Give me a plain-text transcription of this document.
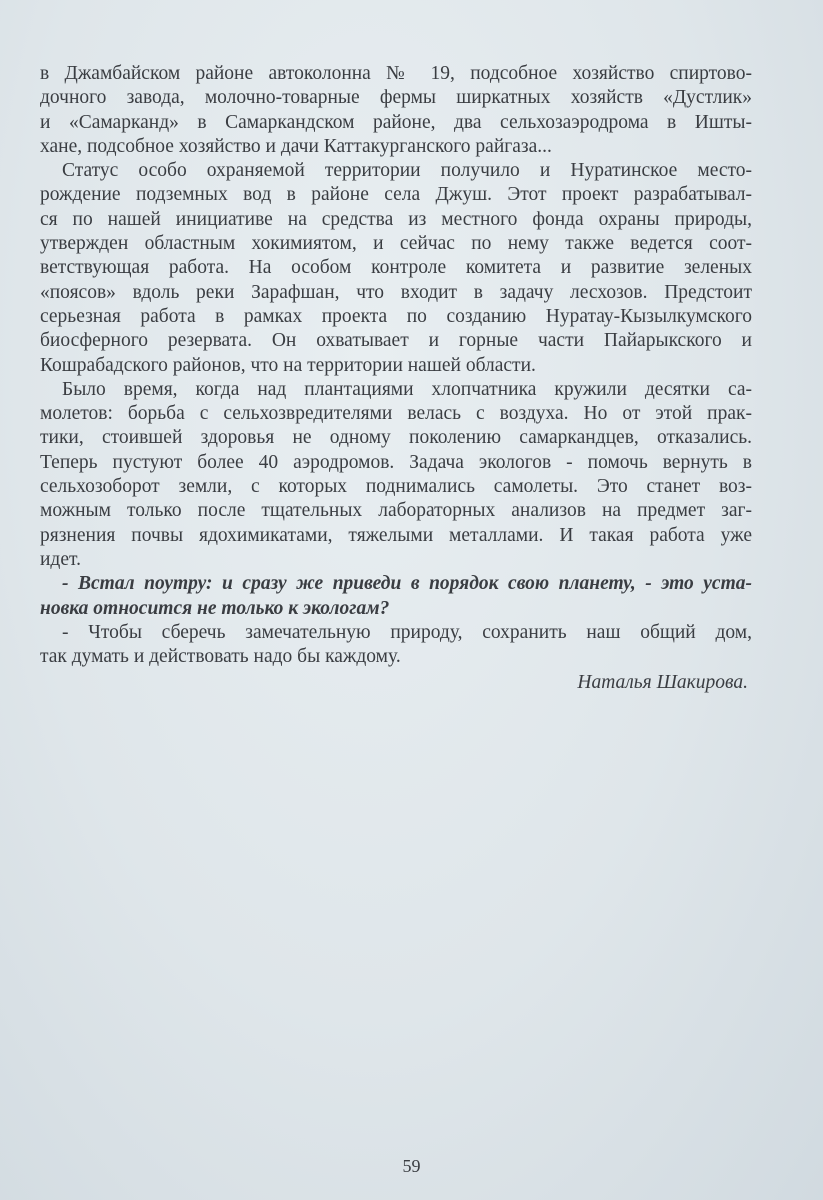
в Джамбайском районе автоколонна № 19, подсобное хозяйство спиртово-
дочного завода, молочно-товарные фермы ширкатных хозяйств «Дустлик»
и «Самарканд» в Самаркандском районе, два сельхозаэродрома в Ишты-
хане, подсобное хозяйство и дачи Каттакурганского райгаза...

Статус особо охраняемой территории получило и Нуратинское место-
рождение подземных вод в районе села Джуш. Этот проект разрабатывал-
ся по нашей инициативе на средства из местного фонда охраны природы,
утвержден областным хокимиятом, и сейчас по нему также ведется соот-
ветствующая работа. На особом контроле комитета и развитие зеленых
«поясов» вдоль реки Зарафшан, что входит в задачу лесхозов. Предстоит
серьезная работа в рамках проекта по созданию Нуратау-Кызылкумского
биосферного резервата. Он охватывает и горные части Пайарыкского и
Кошрабадского районов, что на территории нашей области.

Было время, когда над плантациями хлопчатника кружили десятки са-
молетов: борьба с сельхозвредителями велась с воздуха. Но от этой прак-
тики, стоившей здоровья не одному поколению самаркандцев, отказались.
Теперь пустуют более 40 аэродромов. Задача экологов - помочь вернуть в
сельхозоборот земли, с которых поднимались самолеты. Это станет воз-
можным только после тщательных лабораторных анализов на предмет заг-
рязнения почвы ядохимикатами, тяжелыми металлами. И такая работа уже
идет.

- Встал поутру: и сразу же приведи в порядок свою планету, - это уста-
новка относится не только к экологам?

- Чтобы сберечь замечательную природу, сохранить наш общий дом,
так думать и действовать надо бы каждому.

Наталья Шакирова.
59
